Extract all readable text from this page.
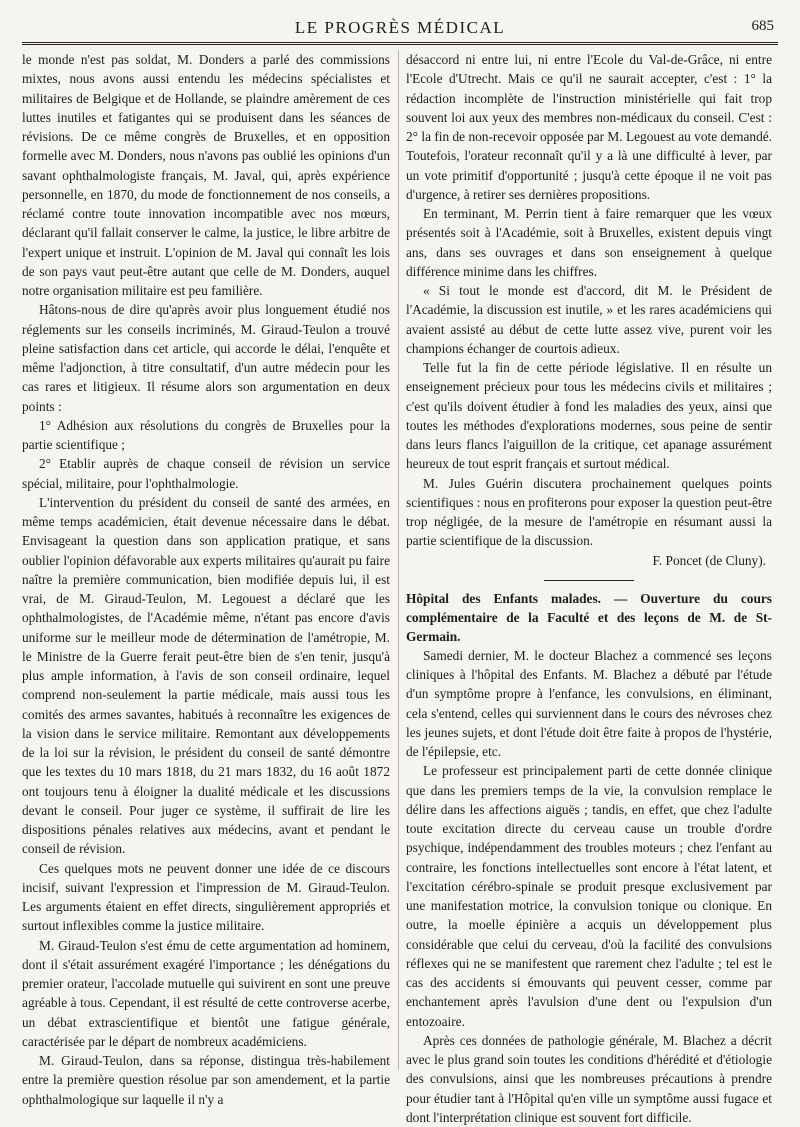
LE PROGRÈS MÉDICAL	685

le monde n'est pas soldat, M. Donders a parlé des commissions mixtes, nous avons aussi entendu les médecins spécialistes et militaires de Belgique et de Hollande, se plaindre amèrement de ces luttes inutiles et fatigantes qui se produisent dans les séances de révisions. De ce même congrès de Bruxelles, et en opposition formelle avec M. Donders, nous n'avons pas oublié les opinions d'un savant ophthalmologiste français, M. Javal, qui, après expérience personnelle, en 1870, du mode de fonctionnement de nos conseils, a réclamé contre toute innovation incompatible avec nos mœurs, déclarant qu'il fallait conserver le calme, la justice, le libre arbitre de l'expert unique et instruit. L'opinion de M. Javal qui connaît les lois de son pays vaut peut-être autant que celle de M. Donders, auquel notre organisation militaire est peu familière.

Hâtons-nous de dire qu'après avoir plus longuement étudié nos réglements sur les conseils incriminés, M. Giraud-Teulon a trouvé pleine satisfaction dans cet article, qui accorde le délai, l'enquête et même l'adjonction, à titre consultatif, d'un autre médecin pour les cas rares et litigieux. Il résume alors son argumentation en deux points :

1° Adhésion aux résolutions du congrès de Bruxelles pour la partie scientifique ;

2° Etablir auprès de chaque conseil de révision un service spécial, militaire, pour l'ophthalmologie.

L'intervention du président du conseil de santé des armées, en même temps académicien, était devenue nécessaire dans le débat. Envisageant la question dans son application pratique, et sans oublier l'opinion défavorable aux experts militaires qu'aurait pu faire naître la première communication, bien modifiée depuis lui, il est vrai, de M. Giraud-Teulon, M. Legouest a déclaré que les ophthalmologistes, de l'Académie même, n'étant pas encore d'avis uniforme sur le meilleur mode de détermination de l'amétropie, M. le Ministre de la Guerre ferait peut-être bien de s'en tenir, jusqu'à plus ample information, à l'avis de son conseil ordinaire, lequel comprend non-seulement la partie médicale, mais aussi tous les comités des armes savantes, habitués à reconnaître les exigences de la vision dans le service militaire. Remontant aux développements de la loi sur la révision, le président du conseil de santé démontre que les textes du 10 mars 1818, du 21 mars 1832, du 16 août 1872 ont toujours tenu à éloigner la dualité médicale et les discussions devant le conseil. Pour juger ce système, il suffirait de lire les dispositions pénales relatives aux médecins, avant et pendant le conseil de révision.

Ces quelques mots ne peuvent donner une idée de ce discours incisif, suivant l'expression et l'impression de M. Giraud-Teulon. Les arguments étaient en effet directs, singulièrement appropriés et surtout inflexibles comme la justice militaire.

M. Giraud-Teulon s'est ému de cette argumentation ad hominem, dont il s'était assurément exagéré l'importance ; les dénégations du premier orateur, l'accolade mutuelle qui suivirent en sont une preuve agréable à tous. Cependant, il est résulté de cette controverse acerbe, un débat extrascientifique et bientôt une fatigue générale, caractérisée par le départ de nombreux académiciens.

M. Giraud-Teulon, dans sa réponse, distingua très-habilement entre la première question résolue par son amendement, et la partie ophthalmologique sur laquelle il n'y a

désaccord ni entre lui, ni entre l'Ecole du Val-de-Grâce, ni entre l'Ecole d'Utrecht. Mais ce qu'il ne saurait accepter, c'est : 1° la rédaction incomplète de l'instruction ministérielle qui fait trop souvent loi aux yeux des membres non-médicaux du conseil. C'est : 2° la fin de non-recevoir opposée par M. Legouest au vote demandé. Toutefois, l'orateur reconnaît qu'il y a là une difficulté à lever, par un vote primitif d'opportunité ; jusqu'à cette époque il ne voit pas d'urgence, à retirer ses dernières propositions.

En terminant, M. Perrin tient à faire remarquer que les vœux présentés soit à l'Académie, soit à Bruxelles, existent depuis vingt ans, dans ses ouvrages et dans son enseignement à quelque différence minime dans les chiffres.

« Si tout le monde est d'accord, dit M. le Président de l'Académie, la discussion est inutile, » et les rares académiciens qui avaient assisté au début de cette lutte assez vive, purent voir les champions échanger de courtois adieux.

Telle fut la fin de cette période législative. Il en résulte un enseignement précieux pour tous les médecins civils et militaires ; c'est qu'ils doivent étudier à fond les maladies des yeux, ainsi que toutes les méthodes d'explorations modernes, sous peine de sentir dans leurs flancs l'aiguillon de la critique, cet apanage assurément heureux de tout esprit français et surtout médical.

M. Jules Guérin discutera prochainement quelques points scientifiques : nous en profiterons pour exposer la question peut-être trop négligée, de la mesure de l'amétropie en résumant aussi la partie scientifique de la discussion.

F. Poncet (de Cluny).

Hôpital des Enfants malades. — Ouverture du cours complémentaire de la Faculté et des leçons de M. de St-Germain.

Samedi dernier, M. le docteur Blachez a commencé ses leçons cliniques à l'hôpital des Enfants. M. Blachez a débuté par l'étude d'un symptôme propre à l'enfance, les convulsions, en éliminant, cela s'entend, celles qui surviennent dans le cours des névroses chez les jeunes sujets, et dont l'étude doit être faite à propos de l'hystérie, de l'épilepsie, etc.

Le professeur est principalement parti de cette donnée clinique que dans les premiers temps de la vie, la convulsion remplace le délire dans les affections aiguës ; tandis, en effet, que chez l'adulte toute excitation directe du cerveau cause un trouble d'ordre psychique, indépendamment des troubles moteurs ; chez l'enfant au contraire, les fonctions intellectuelles sont encore à l'état latent, et l'excitation cérébro-spinale se produit presque exclusivement par une manifestation motrice, la convulsion tonique ou clonique. En outre, la moelle épinière a acquis un développement plus considérable que celui du cerveau, d'où la facilité des convulsions réflexes qui ne se manifestent que rarement chez l'adulte ; tel est le cas des accidents si émouvants qui peuvent cesser, comme par enchantement après l'avulsion d'une dent ou l'expulsion d'un entozoaire.

Après ces données de pathologie générale, M. Blachez a décrit avec le plus grand soin toutes les conditions d'hérédité et d'étiologie des convulsions, ainsi que les nombreuses précautions à prendre pour étudier tant à l'Hôpital qu'en ville un symptôme aussi fugace et dont l'interprétation clinique est souvent fort difficile.
